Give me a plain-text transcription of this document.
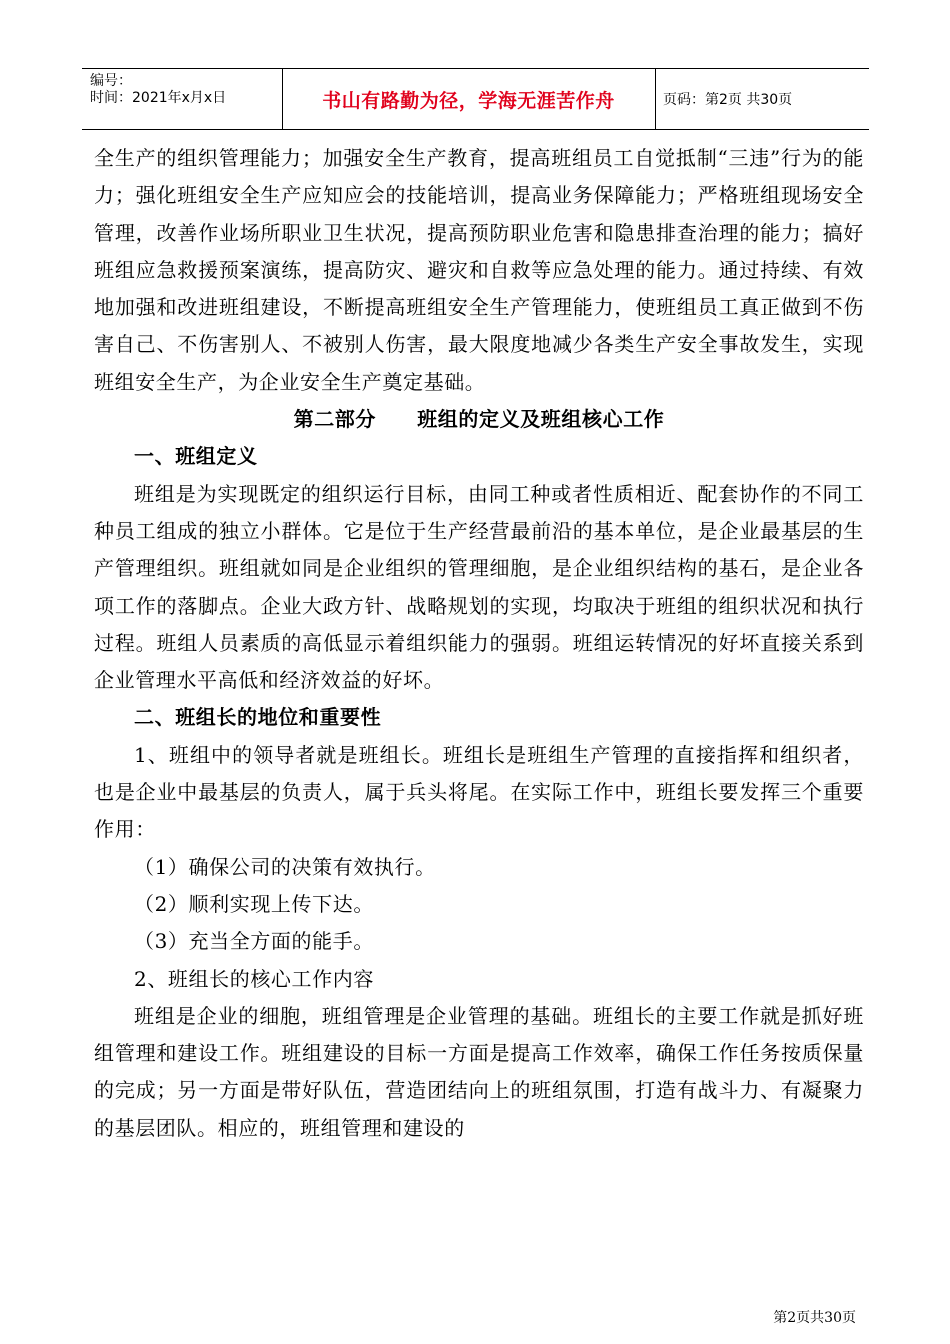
编号：
时间：2021年x月x日	书山有路勤为径，学海无涯苦作舟	页码：第2页 共30页

全生产的组织管理能力；加强安全生产教育，提高班组员工自觉抵制“三违”行为的能力；强化班组安全生产应知应会的技能培训，提高业务保障能力；严格班组现场安全管理，改善作业场所职业卫生状况，提高预防职业危害和隐患排查治理的能力；搞好班组应急救援预案演练，提高防灾、避灾和自救等应急处理的能力。通过持续、有效地加强和改进班组建设，不断提高班组安全生产管理能力，使班组员工真正做到不伤害自己、不伤害别人、不被别人伤害，最大限度地减少各类生产安全事故发生，实现班组安全生产，为企业安全生产奠定基础。

第二部分　　班组的定义及班组核心工作

一、班组定义

班组是为实现既定的组织运行目标，由同工种或者性质相近、配套协作的不同工种员工组成的独立小群体。它是位于生产经营最前沿的基本单位，是企业最基层的生产管理组织。班组就如同是企业组织的管理细胞，是企业组织结构的基石，是企业各项工作的落脚点。企业大政方针、战略规划的实现，均取决于班组的组织状况和执行过程。班组人员素质的高低显示着组织能力的强弱。班组运转情况的好坏直接关系到企业管理水平高低和经济效益的好坏。

二、班组长的地位和重要性

1、班组中的领导者就是班组长。班组长是班组生产管理的直接指挥和组织者，也是企业中最基层的负责人，属于兵头将尾。在实际工作中，班组长要发挥三个重要作用：

（1）确保公司的决策有效执行。

（2）顺利实现上传下达。

（3）充当全方面的能手。

2、班组长的核心工作内容

班组是企业的细胞，班组管理是企业管理的基础。班组长的主要工作就是抓好班组管理和建设工作。班组建设的目标一方面是提高工作效率，确保工作任务按质保量的完成；另一方面是带好队伍，营造团结向上的班组氛围，打造有战斗力、有凝聚力的基层团队。相应的，班组管理和建设的

第2页共30页
